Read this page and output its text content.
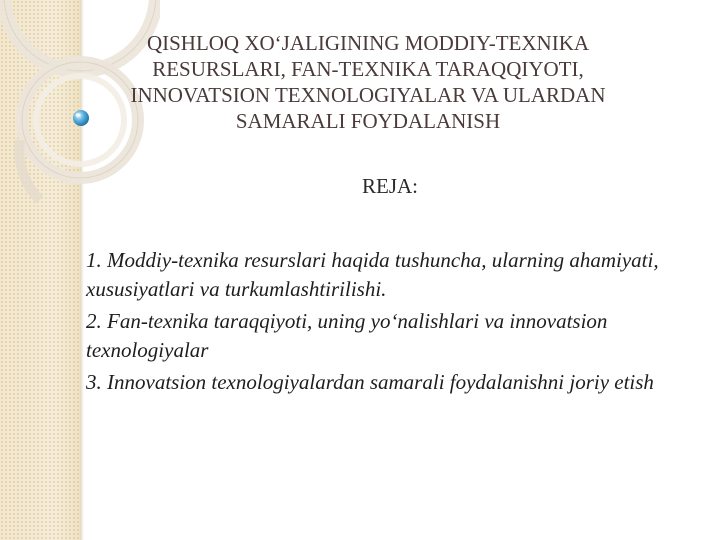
QISHLOQ XO‘JALIGINING MODDIY-TEXNIKA
RESURSLARI, FAN-TEXNIKA TARAQQIYOTI,
INNOVATSION TEXNOLOGIYALAR VA ULARDAN
SAMARALI FOYDALANISH
REJA:
1. Moddiy-texnika resurslari haqida tushuncha, ularning ahamiyati, xususiyatlari va turkumlashtirilishi.
2. Fan-texnika taraqqiyoti, uning yo‘nalishlari va innovatsion texnologiyalar
3. Innovatsion texnologiyalardan samarali foydalanishni joriy etish
